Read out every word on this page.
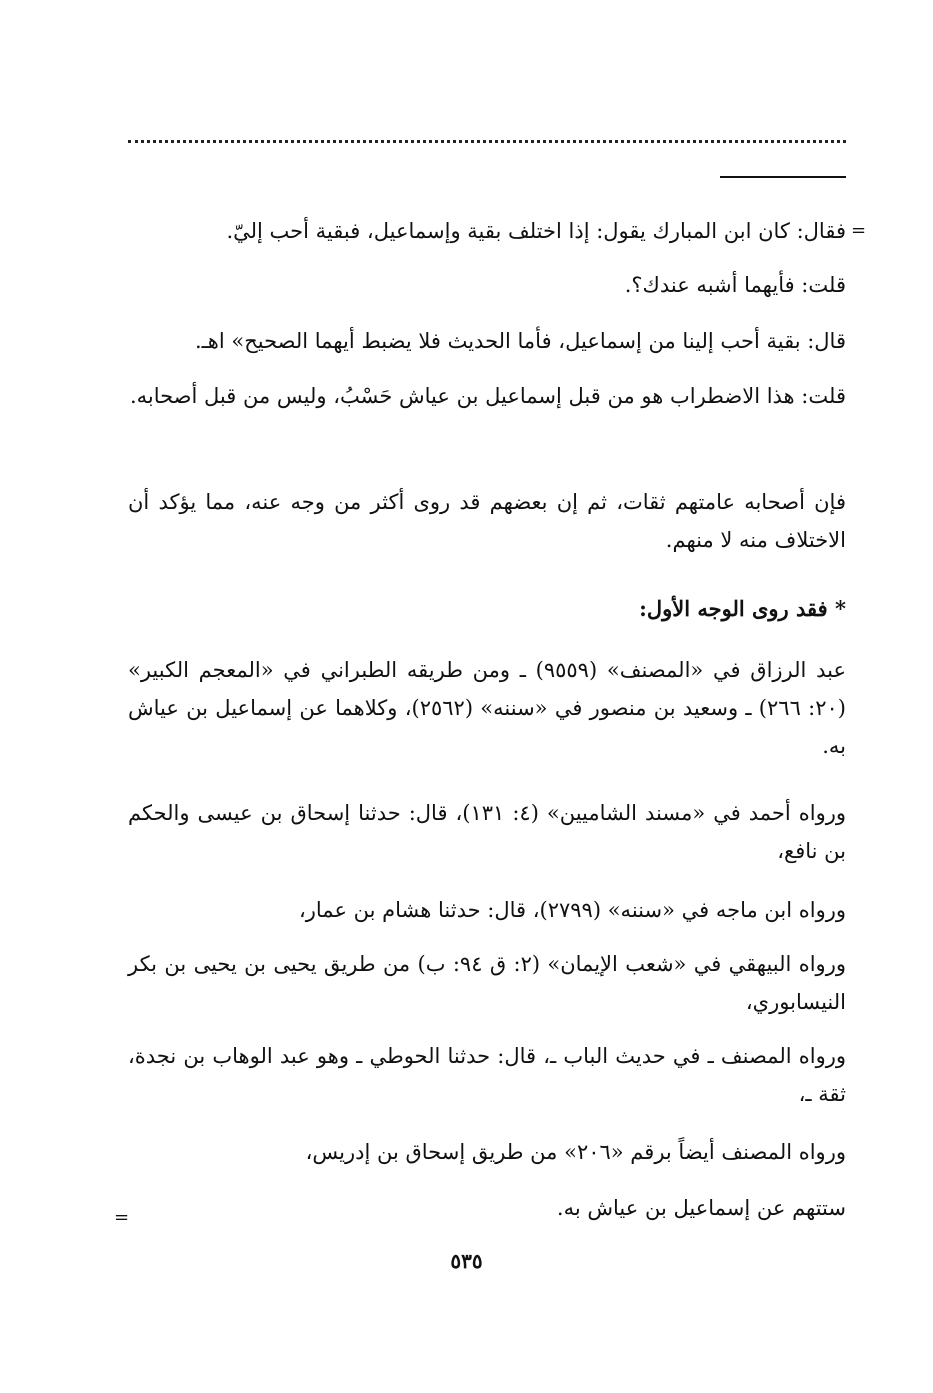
=
=

فقال: كان ابن المبارك يقول: إذا اختلف بقية وإسماعيل، فبقية أحب إليّ.

قلت: فأيهما أشبه عندك؟.

قال: بقية أحب إلينا من إسماعيل، فأما الحديث فلا يضبط أيهما الصحيح» اهـ.

قلت: هذا الاضطراب هو من قبل إسماعيل بن عياش حَسْبُ، وليس من قبل أصحابه.

فإن أصحابه عامتهم ثقات، ثم إن بعضهم قد روى أكثر من وجه عنه، مما يؤكد أن الاختلاف منه لا منهم.

* فقد روى الوجه الأول:

عبد الرزاق في «المصنف» (٩٥٥٩) ـ ومن طريقه الطبراني في «المعجم الكبير» (٢٠: ٢٦٦) ـ وسعيد بن منصور في «سننه» (٢٥٦٢)، وكلاهما عن إسماعيل بن عياش به.

ورواه أحمد في «مسند الشاميين» (٤: ١٣١)، قال: حدثنا إسحاق بن عيسى والحكم بن نافع،

ورواه ابن ماجه في «سننه» (٢٧٩٩)، قال: حدثنا هشام بن عمار،

ورواه البيهقي في «شعب الإيمان» (٢: ق ٩٤: ب) من طريق يحيى بن يحيى بن بكر النيسابوري،

ورواه المصنف ـ في حديث الباب ـ، قال: حدثنا الحوطي ـ وهو عبد الوهاب بن نجدة، ثقة ـ،

ورواه المصنف أيضاً برقم «٢٠٦» من طريق إسحاق بن إدريس،

ستتهم عن إسماعيل بن عياش به.

٥٣٥
